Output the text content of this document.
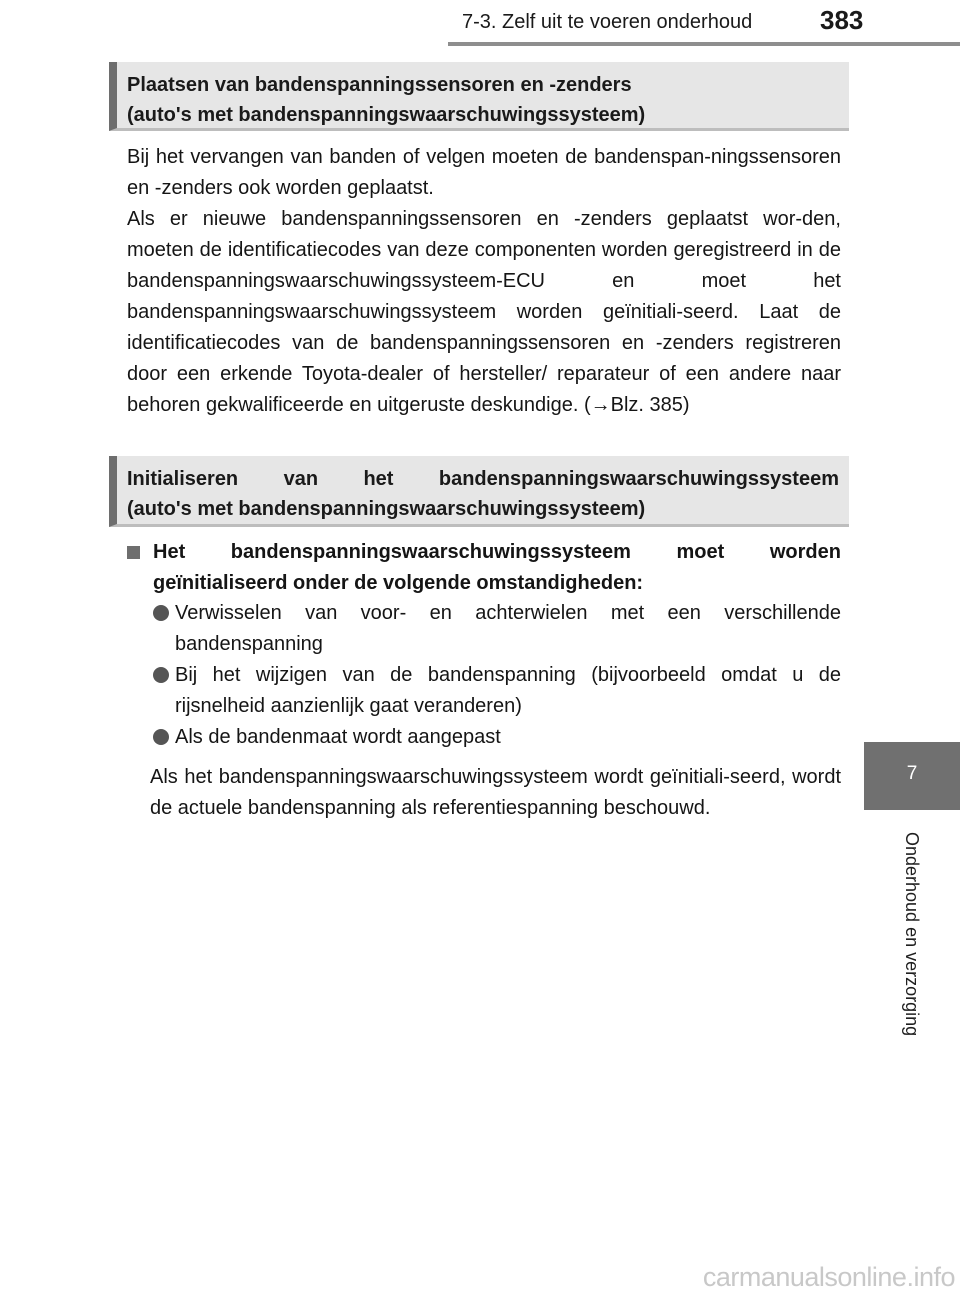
7-3. Zelf uit te voeren onderhoud	383
7
Onderhoud en verzorging
Plaatsen van bandenspanningssensoren en -zenders
(auto's met bandenspanningswaarschuwingssysteem)
Bij het vervangen van banden of velgen moeten de bandenspan-ningssensoren en -zenders ook worden geplaatst.
Als er nieuwe bandenspanningssensoren en -zenders geplaatst wor-den, moeten de identificatiecodes van deze componenten worden geregistreerd in de bandenspanningswaarschuwingssysteem-ECU en moet het bandenspanningswaarschuwingssysteem worden geïnitiali-seerd. Laat de identificatiecodes van de bandenspanningssensoren en -zenders registreren door een erkende Toyota-dealer of hersteller/ reparateur of een andere naar behoren gekwalificeerde en uitgeruste deskundige. (→Blz. 385)
Initialiseren van het bandenspanningswaarschuwingssysteem
(auto's met bandenspanningswaarschuwingssysteem)
Het bandenspanningswaarschuwingssysteem moet worden geïnitialiseerd onder de volgende omstandigheden:
Verwisselen van voor- en achterwielen met een verschillende bandenspanning
Bij het wijzigen van de bandenspanning (bijvoorbeeld omdat u de rijsnelheid aanzienlijk gaat veranderen)
Als de bandenmaat wordt aangepast
Als het bandenspanningswaarschuwingssysteem wordt geïnitiali-seerd, wordt de actuele bandenspanning als referentiespanning beschouwd.
carmanualsonline.info
